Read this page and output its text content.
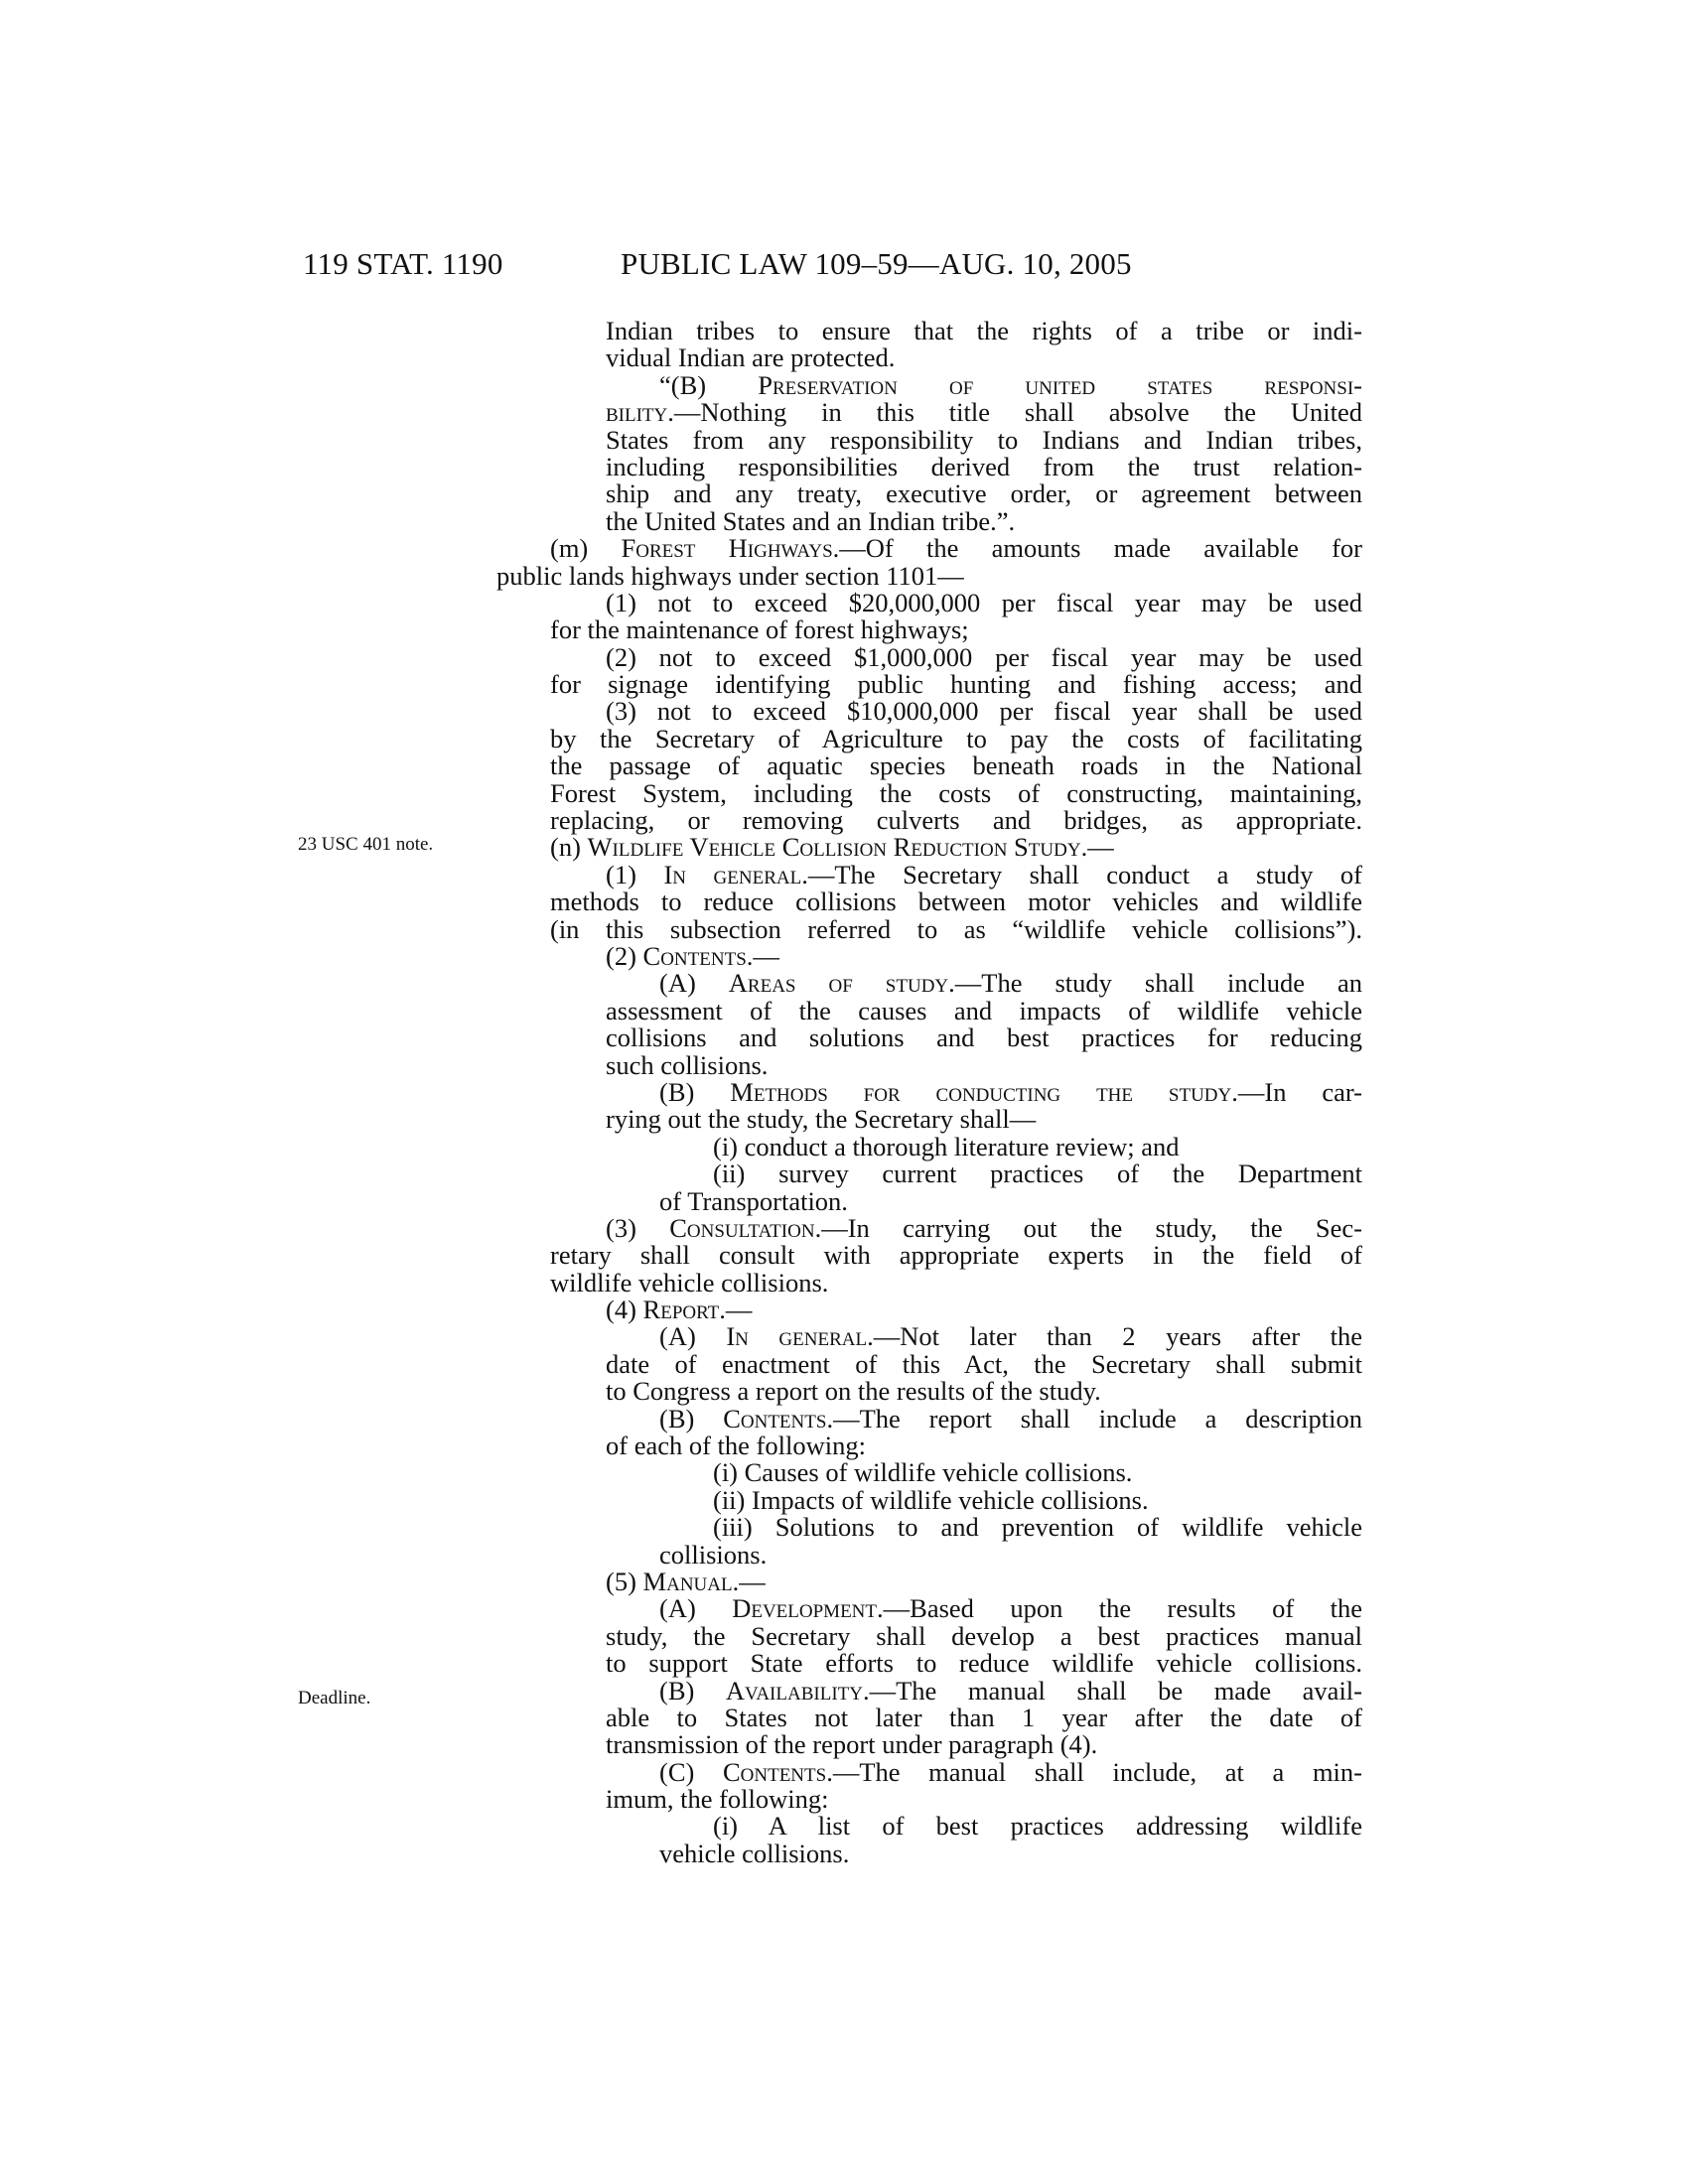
119 STAT. 1190	PUBLIC LAW 109–59—AUG. 10, 2005
23 USC 401 note.
Deadline.
Indian tribes to ensure that the rights of a tribe or indi-
vidual Indian are protected.
“(B) Preservation of united states responsi-
bility.—Nothing in this title shall absolve the United
States from any responsibility to Indians and Indian tribes,
including responsibilities derived from the trust relation-
ship and any treaty, executive order, or agreement between
the United States and an Indian tribe.”.
(m) Forest Highways.—Of the amounts made available for
public lands highways under section 1101—
(1) not to exceed $20,000,000 per fiscal year may be used
for the maintenance of forest highways;
(2) not to exceed $1,000,000 per fiscal year may be used
for signage identifying public hunting and fishing access; and
(3) not to exceed $10,000,000 per fiscal year shall be used
by the Secretary of Agriculture to pay the costs of facilitating
the passage of aquatic species beneath roads in the National
Forest System, including the costs of constructing, maintaining,
replacing, or removing culverts and bridges, as appropriate.
(n) Wildlife Vehicle Collision Reduction Study.—
(1) In general.—The Secretary shall conduct a study of
methods to reduce collisions between motor vehicles and wildlife
(in this subsection referred to as “wildlife vehicle collisions”).
(2) Contents.—
(A) Areas of study.—The study shall include an
assessment of the causes and impacts of wildlife vehicle
collisions and solutions and best practices for reducing
such collisions.
(B) Methods for conducting the study.—In car-
rying out the study, the Secretary shall—
(i) conduct a thorough literature review; and
(ii) survey current practices of the Department
of Transportation.
(3) Consultation.—In carrying out the study, the Sec-
retary shall consult with appropriate experts in the field of
wildlife vehicle collisions.
(4) Report.—
(A) In general.—Not later than 2 years after the
date of enactment of this Act, the Secretary shall submit
to Congress a report on the results of the study.
(B) Contents.—The report shall include a description
of each of the following:
(i) Causes of wildlife vehicle collisions.
(ii) Impacts of wildlife vehicle collisions.
(iii) Solutions to and prevention of wildlife vehicle
collisions.
(5) Manual.—
(A) Development.—Based upon the results of the
study, the Secretary shall develop a best practices manual
to support State efforts to reduce wildlife vehicle collisions.
(B) Availability.—The manual shall be made avail-
able to States not later than 1 year after the date of
transmission of the report under paragraph (4).
(C) Contents.—The manual shall include, at a min-
imum, the following:
(i) A list of best practices addressing wildlife
vehicle collisions.
